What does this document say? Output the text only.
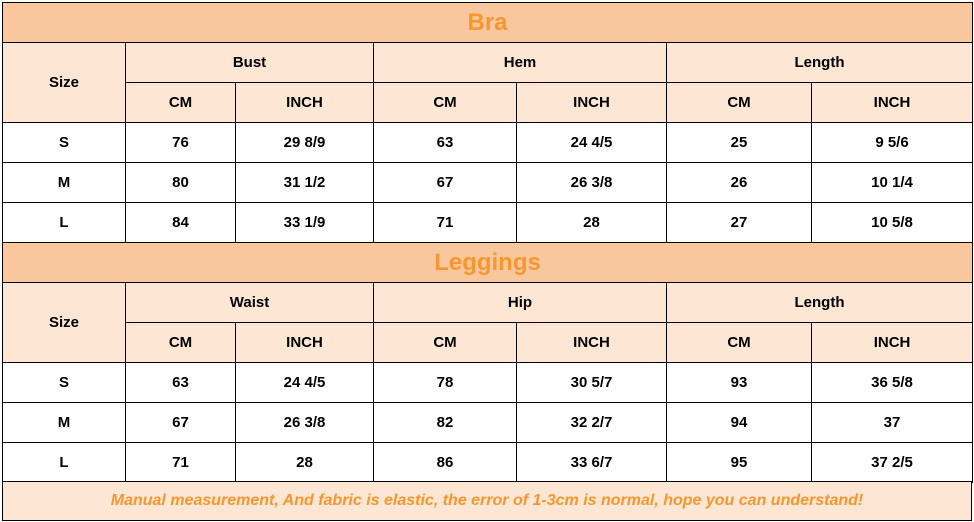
Bra						
Size	Bust		Hem		Length	
	CM	INCH	CM	INCH	CM	INCH
S	76	29 8/9	63	24 4/5	25	9 5/6
M	80	31 1/2	67	26 3/8	26	10 1/4
L	84	33 1/9	71	28	27	10 5/8
Leggings						
Size	Waist		Hip		Length	
	CM	INCH	CM	INCH	CM	INCH
S	63	24 4/5	78	30 5/7	93	36 5/8
M	67	26 3/8	82	32 2/7	94	37
L	71	28	86	33 6/7	95	37 2/5
Manual measurement, And fabric is elastic, the error of 1-3cm is normal, hope you can understand!
